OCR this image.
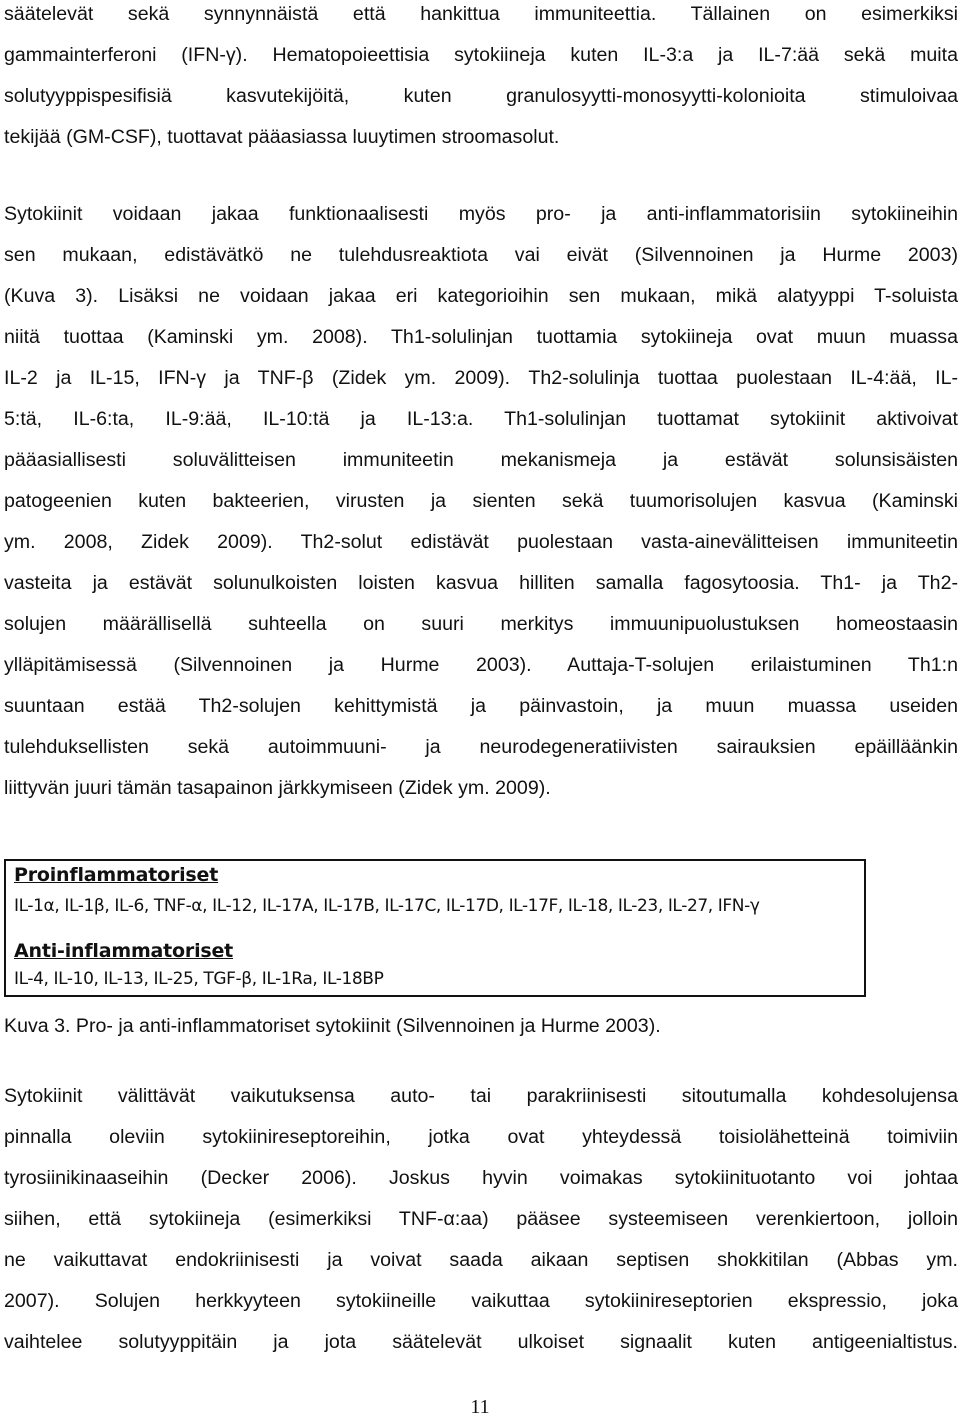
säätelevät sekä synnynnäistä että hankittua immuniteettia. Tällainen on esimerkiksi
gammainterferoni (IFN-γ). Hematopoieettisia sytokiineja kuten IL-3:a ja IL-7:ää sekä muita
solutyyppispesifisiä kasvutekijöitä, kuten granulosyytti-monosyytti-kolonioita stimuloivaa
tekijää (GM-CSF), tuottavat pääasiassa luuytimen stroomasolut.
Sytokiinit voidaan jakaa funktionaalisesti myös pro- ja anti-inflammatorisiin sytokiineihin
sen mukaan, edistävätkö ne tulehdusreaktiota vai eivät (Silvennoinen ja Hurme 2003)
(Kuva 3). Lisäksi ne voidaan jakaa eri kategorioihin sen mukaan, mikä alatyyppi T-soluista
niitä tuottaa (Kaminski ym. 2008). Th1-solulinjan tuottamia sytokiineja ovat muun muassa
IL-2 ja IL-15, IFN-γ ja TNF-β (Zidek ym. 2009). Th2-solulinja tuottaa puolestaan IL-4:ää, IL-
5:tä, IL-6:ta, IL-9:ää, IL-10:tä ja IL-13:a. Th1-solulinjan tuottamat sytokiinit aktivoivat
pääasiallisesti soluvälitteisen immuniteetin mekanismeja ja estävät solunsisäisten
patogeenien kuten bakteerien, virusten ja sienten sekä tuumorisolujen kasvua (Kaminski
ym. 2008, Zidek 2009). Th2-solut edistävät puolestaan vasta-ainevälitteisen immuniteetin
vasteita ja estävät solunulkoisten loisten kasvua hilliten samalla fagosytoosia. Th1- ja Th2-
solujen määrällisellä suhteella on suuri merkitys immuunipuolustuksen homeostaasin
ylläpitämisessä (Silvennoinen ja Hurme 2003). Auttaja-T-solujen erilaistuminen Th1:n
suuntaan estää Th2-solujen kehittymistä ja päinvastoin, ja muun muassa useiden
tulehduksellisten sekä autoimmuuni- ja neurodegeneratiivisten sairauksien epäilläänkin
liittyvän juuri tämän tasapainon järkkymiseen (Zidek ym. 2009).
Proinflammatoriset
IL-1α, IL-1β, IL-6, TNF-α, IL-12, IL-17A, IL-17B, IL-17C, IL-17D, IL-17F, IL-18, IL-23, IL-27, IFN-γ
Anti-inflammatoriset
IL-4, IL-10, IL-13, IL-25, TGF-β, IL-1Ra, IL-18BP
Kuva 3. Pro- ja anti-inflammatoriset sytokiinit (Silvennoinen ja Hurme 2003).
Sytokiinit välittävät vaikutuksensa auto- tai parakriinisesti sitoutumalla kohdesolujensa
pinnalla oleviin sytokiinireseptoreihin, jotka ovat yhteydessä toisiolähetteinä toimiviin
tyrosiinikinaaseihin (Decker 2006). Joskus hyvin voimakas sytokiinituotanto voi johtaa
siihen, että sytokiineja (esimerkiksi TNF-α:aa) pääsee systeemiseen verenkiertoon, jolloin
ne vaikuttavat endokriinisesti ja voivat saada aikaan septisen shokkitilan (Abbas ym.
2007). Solujen herkkyyteen sytokiineille vaikuttaa sytokiinireseptorien ekspressio, joka
vaihtelee solutyyppitäin ja jota säätelevät ulkoiset signaalit kuten antigeenialtistus.
11
